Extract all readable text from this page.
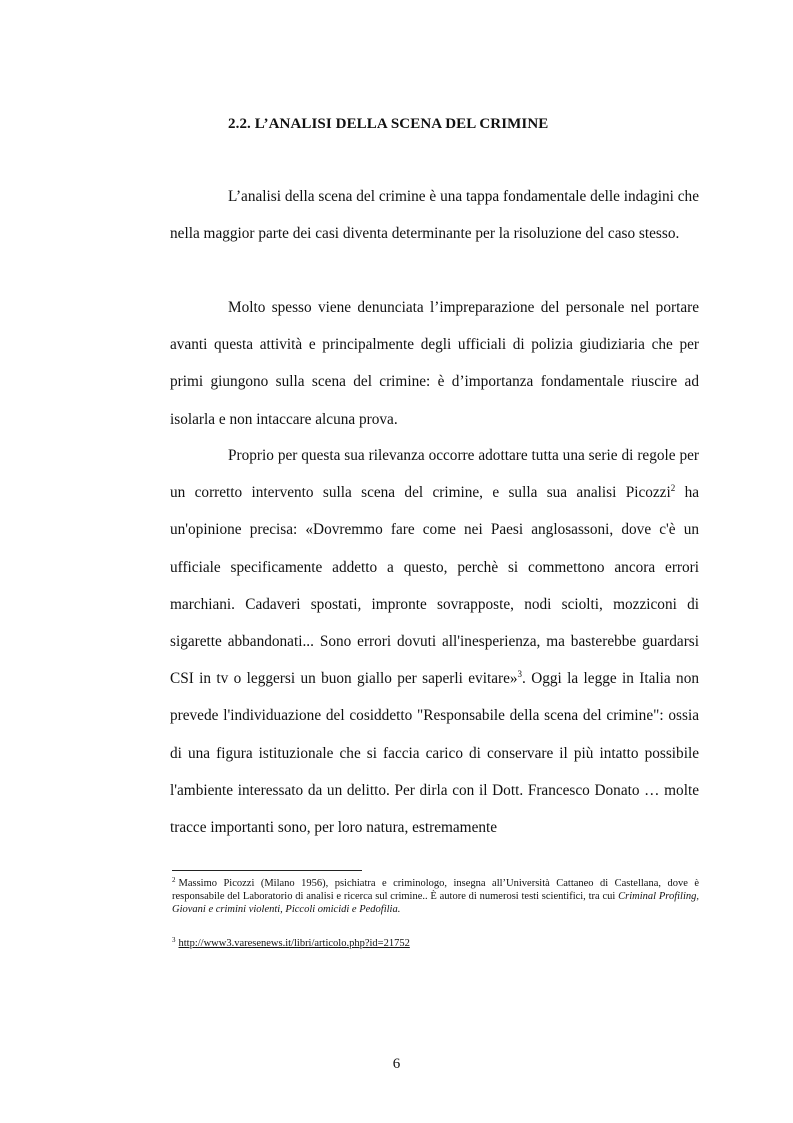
2.2. L’ANALISI DELLA SCENA DEL CRIMINE

L’analisi della scena del crimine è una tappa fondamentale delle indagini che nella maggior parte dei casi diventa determinante per la risoluzione del caso stesso.

Molto spesso viene denunciata l’impreparazione del personale nel portare avanti questa attività e principalmente degli ufficiali di polizia giudiziaria che per primi giungono sulla scena del crimine: è d’importanza fondamentale riuscire ad isolarla e non intaccare alcuna prova.

Proprio per questa sua rilevanza occorre adottare tutta una serie di regole per un corretto intervento sulla scena del crimine, e sulla sua analisi Picozzi$^2$ ha un'opinione precisa: «Dovremmo fare come nei Paesi anglosassoni, dove c'è un ufficiale specificamente addetto a questo, perchè si commettono ancora errori marchiani. Cadaveri spostati, impronte sovrapposte, nodi sciolti, mozziconi di sigarette abbandonati... Sono errori dovuti all'inesperienza, ma basterebbe guardarsi CSI in tv o leggersi un buon giallo per saperli evitare»$^3$. Oggi la legge in Italia non prevede l'individuazione del cosiddetto "Responsabile della scena del crimine": ossia di una figura istituzionale che si faccia carico di conservare il più intatto possibile l'ambiente interessato da un delitto. Per dirla con il Dott. Francesco Donato … molte tracce importanti sono, per loro natura, estremamente

$^2$ Massimo Picozzi (Milano 1956), psichiatra e criminologo, insegna all’Università Cattaneo di Castellana, dove è responsabile del Laboratorio di analisi e ricerca sul crimine.. È autore di numerosi testi scientifici, tra cui Criminal Profiling, Giovani e crimini violenti, Piccoli omicidi e Pedofilia.
$^3$ http://www3.varesenews.it/libri/articolo.php?id=21752
6
